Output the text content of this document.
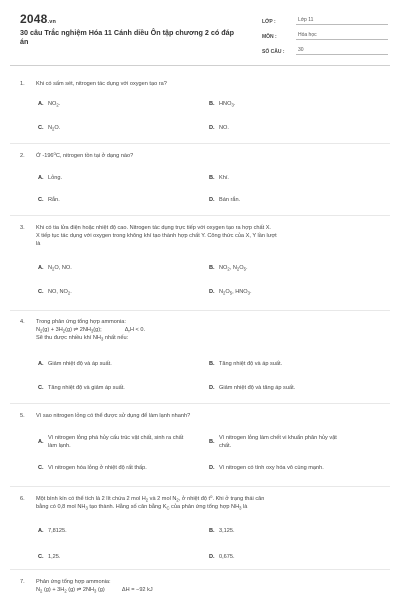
2048.vn
30 câu Trắc nghiệm Hóa 11 Cánh diều Ôn tập chương 2 có đáp án
LỚP :	Lớp 11
MÔN :	Hóa học
SỐ CÂU :	30
1. Khi có sấm sét, nitrogen tác dụng với oxygen tạo ra?
A. $NO_2$.	B. $HNO_3$.
C. $N_2O$.	D. NO.
2. Ở -196$^o$C, nitrogen tồn tại ở dạng nào?
A. Lỏng.	B. Khí.
C. Rắn.	D. Bán rắn.
3. Khi có tia lửa điện hoặc nhiệt độ cao. Nitrogen tác dụng trực tiếp với oxygen tạo ra hợp chất X.
X tiếp tục tác dụng với oxygen trong không khí tạo thành hợp chất Y. Công thức của X, Y lần lượt
là
A. $N_2O$, NO.	B. $NO_2$, $N_2O_5$.
C. NO, $NO_2$.	D. $N_2O_5$, $HNO_3$.
4. Trong phản ứng tổng hợp ammonia:
$N_2(g) + 3H_2(g)$ ⇌ $2NH_3(g)$;	$\Delta_rH < 0$.
Sẽ thu được nhiều khí $NH_3$ nhất nếu:
A. Giảm nhiệt độ và áp suất.	B. Tăng nhiệt độ và áp suất.
C. Tăng nhiệt độ và giảm áp suất.	D. Giảm nhiệt độ và tăng áp suất.
5. Vì sao nitrogen lỏng có thể được sử dụng để làm lạnh nhanh?
A.
Vì nitrogen lỏng phá hủy cấu trúc vật chất, sinh ra chất làm lạnh.
B.
Vì nitrogen lỏng làm chết vi khuẩn phân hủy vật chất.
C. Vì nitrogen hóa lỏng ở nhiệt độ rất thấp.	D. Vì nitrogen có tính oxy hóa vô cùng mạnh.
6. Một bình kín có thể tích là 2 lít chứa 2 mol $H_2$ và 2 mol $N_2$, ở nhiệt độ $t^o$. Khi ở trạng thái cân
bằng có 0,8 mol $NH_3$ tạo thành. Hằng số cân bằng $K_C$ của phản ứng tổng hợp $NH_3$ là
A. 7,8125.	B. 3,125.
C. 1,25.	D. 0,675.
7. Phản ứng tổng hợp ammonia:
$N_2$ $(g) + 3H_2$ (g) ⇌ $2NH_3$ (g)	ΔH = −92 kJ
